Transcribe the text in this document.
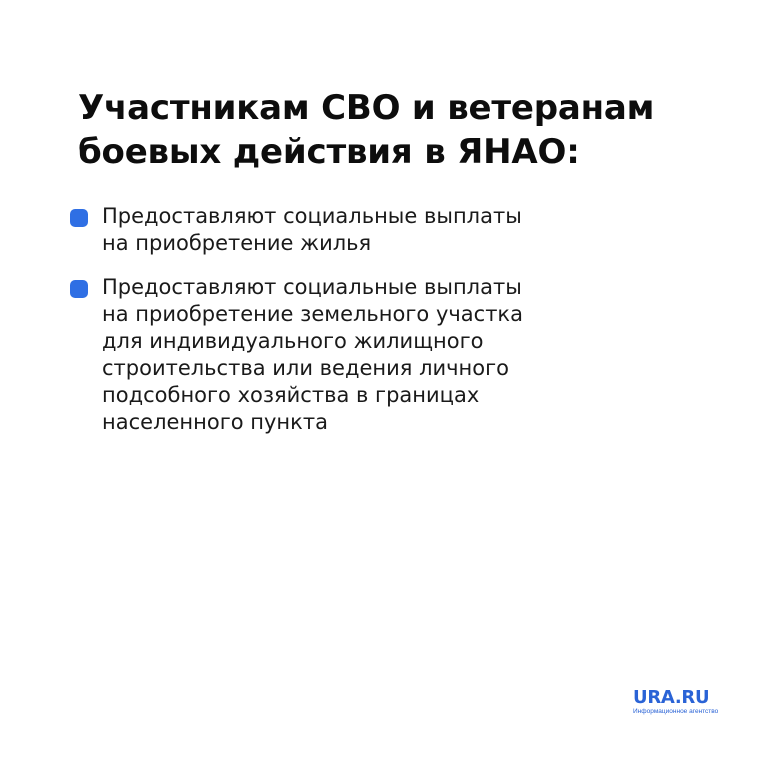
Участникам СВО и ветеранам
боевых действия в ЯНАО:
Предоставляют социальные выплаты
на приобретение жилья
Предоставляют социальные выплаты
на приобретение земельного участка
для индивидуального жилищного
строительства или ведения личного
подсобного хозяйства в границах
населенного пункта
URA.RU
Информационное агентство
